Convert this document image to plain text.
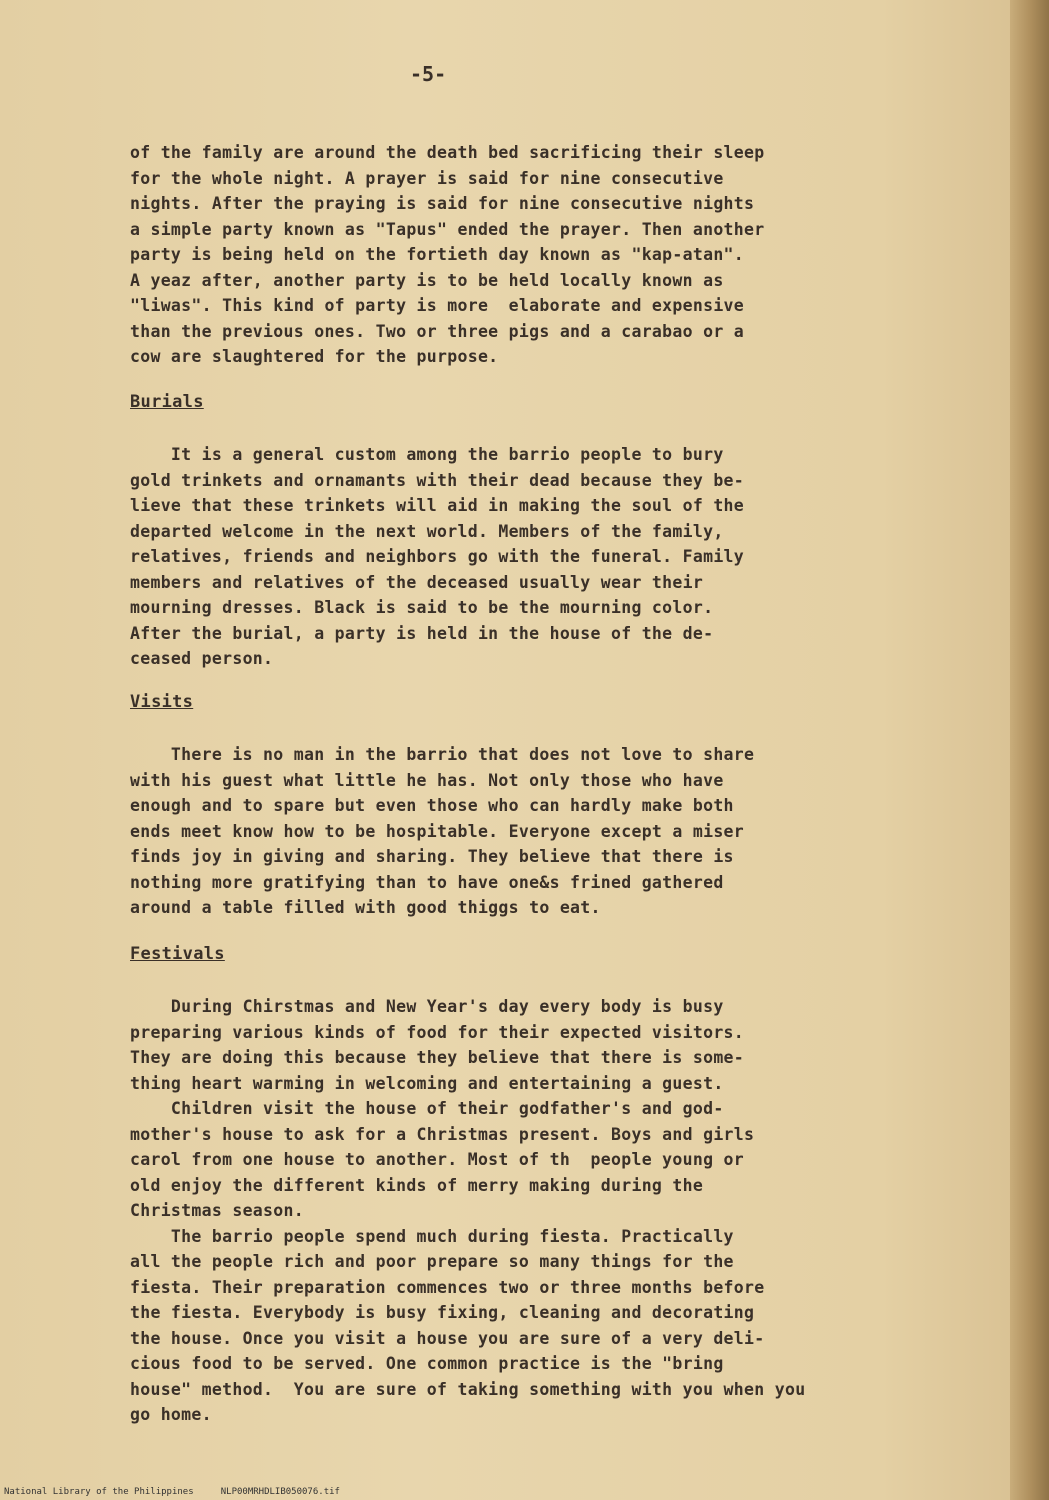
-5-
of the family are around the death bed sacrificing their sleep
for the whole night. A prayer is said for nine consecutive
nights. After the praying is said for nine consecutive nights
a simple party known as "Tapus" ended the prayer. Then another
party is being held on the fortieth day known as "kap-atan".
A yeaz after, another party is to be held locally known as
"liwas". This kind of party is more  elaborate and expensive
than the previous ones. Two or three pigs and a carabao or a
cow are slaughtered for the purpose.
Burials
It is a general custom among the barrio people to bury
gold trinkets and ornamants with their dead because they be-
lieve that these trinkets will aid in making the soul of the
departed welcome in the next world. Members of the family,
relatives, friends and neighbors go with the funeral. Family
members and relatives of the deceased usually wear their
mourning dresses. Black is said to be the mourning color.
After the burial, a party is held in the house of the de-
ceased person.
Visits
There is no man in the barrio that does not love to share
with his guest what little he has. Not only those who have
enough and to spare but even those who can hardly make both
ends meet know how to be hospitable. Everyone except a miser
finds joy in giving and sharing. They believe that there is
nothing more gratifying than to have one&s frined gathered
around a table filled with good thiggs to eat.
Festivals
During Chirstmas and New Year's day every body is busy
preparing various kinds of food for their expected visitors.
They are doing this because they believe that there is some-
thing heart warming in welcoming and entertaining a guest.
Children visit the house of their godfather's and god-
mother's house to ask for a Christmas present. Boys and girls
carol from one house to another. Most of th  people young or
old enjoy the different kinds of merry making during the
Christmas season.
The barrio people spend much during fiesta. Practically
all the people rich and poor prepare so many things for the
fiesta. Their preparation commences two or three months before
the fiesta. Everybody is busy fixing, cleaning and decorating
the house. Once you visit a house you are sure of a very deli-
cious food to be served. One common practice is the "bring
house" method.  You are sure of taking something with you when you
go home.
National Library of the Philippines     NLP00MRHDLIB050076.tif
